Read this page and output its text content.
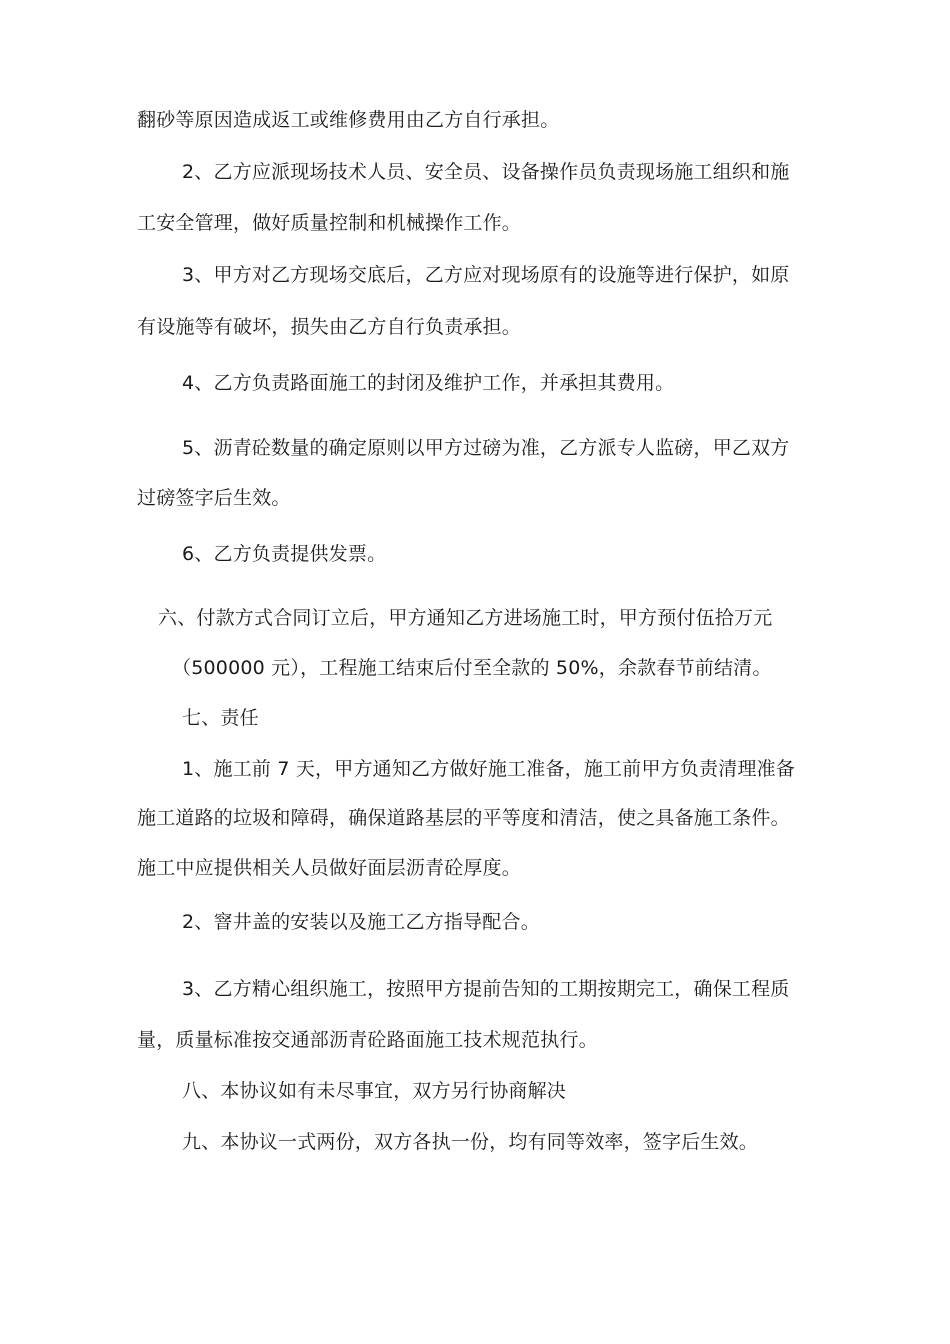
翻砂等原因造成返工或维修费用由乙方自行承担。
2、乙方应派现场技术人员、安全员、设备操作员负责现场施工组织和施
工安全管理，做好质量控制和机械操作工作。
3、甲方对乙方现场交底后，乙方应对现场原有的设施等进行保护，如原
有设施等有破坏，损失由乙方自行负责承担。
4、乙方负责路面施工的封闭及维护工作，并承担其费用。
5、沥青砼数量的确定原则以甲方过磅为准，乙方派专人监磅，甲乙双方
过磅签字后生效。
6、乙方负责提供发票。
六、付款方式合同订立后，甲方通知乙方进场施工时，甲方预付伍拾万元
（500000 元），工程施工结束后付至全款的 50%，余款春节前结清。
七、责任
1、施工前 7 天，甲方通知乙方做好施工准备，施工前甲方负责清理准备
施工道路的垃圾和障碍，确保道路基层的平等度和清洁，使之具备施工条件。
施工中应提供相关人员做好面层沥青砼厚度。
2、窨井盖的安装以及施工乙方指导配合。
3、乙方精心组织施工，按照甲方提前告知的工期按期完工，确保工程质
量，质量标准按交通部沥青砼路面施工技术规范执行。
八、本协议如有未尽事宜，双方另行协商解决
九、本协议一式两份，双方各执一份，均有同等效率，签字后生效。
